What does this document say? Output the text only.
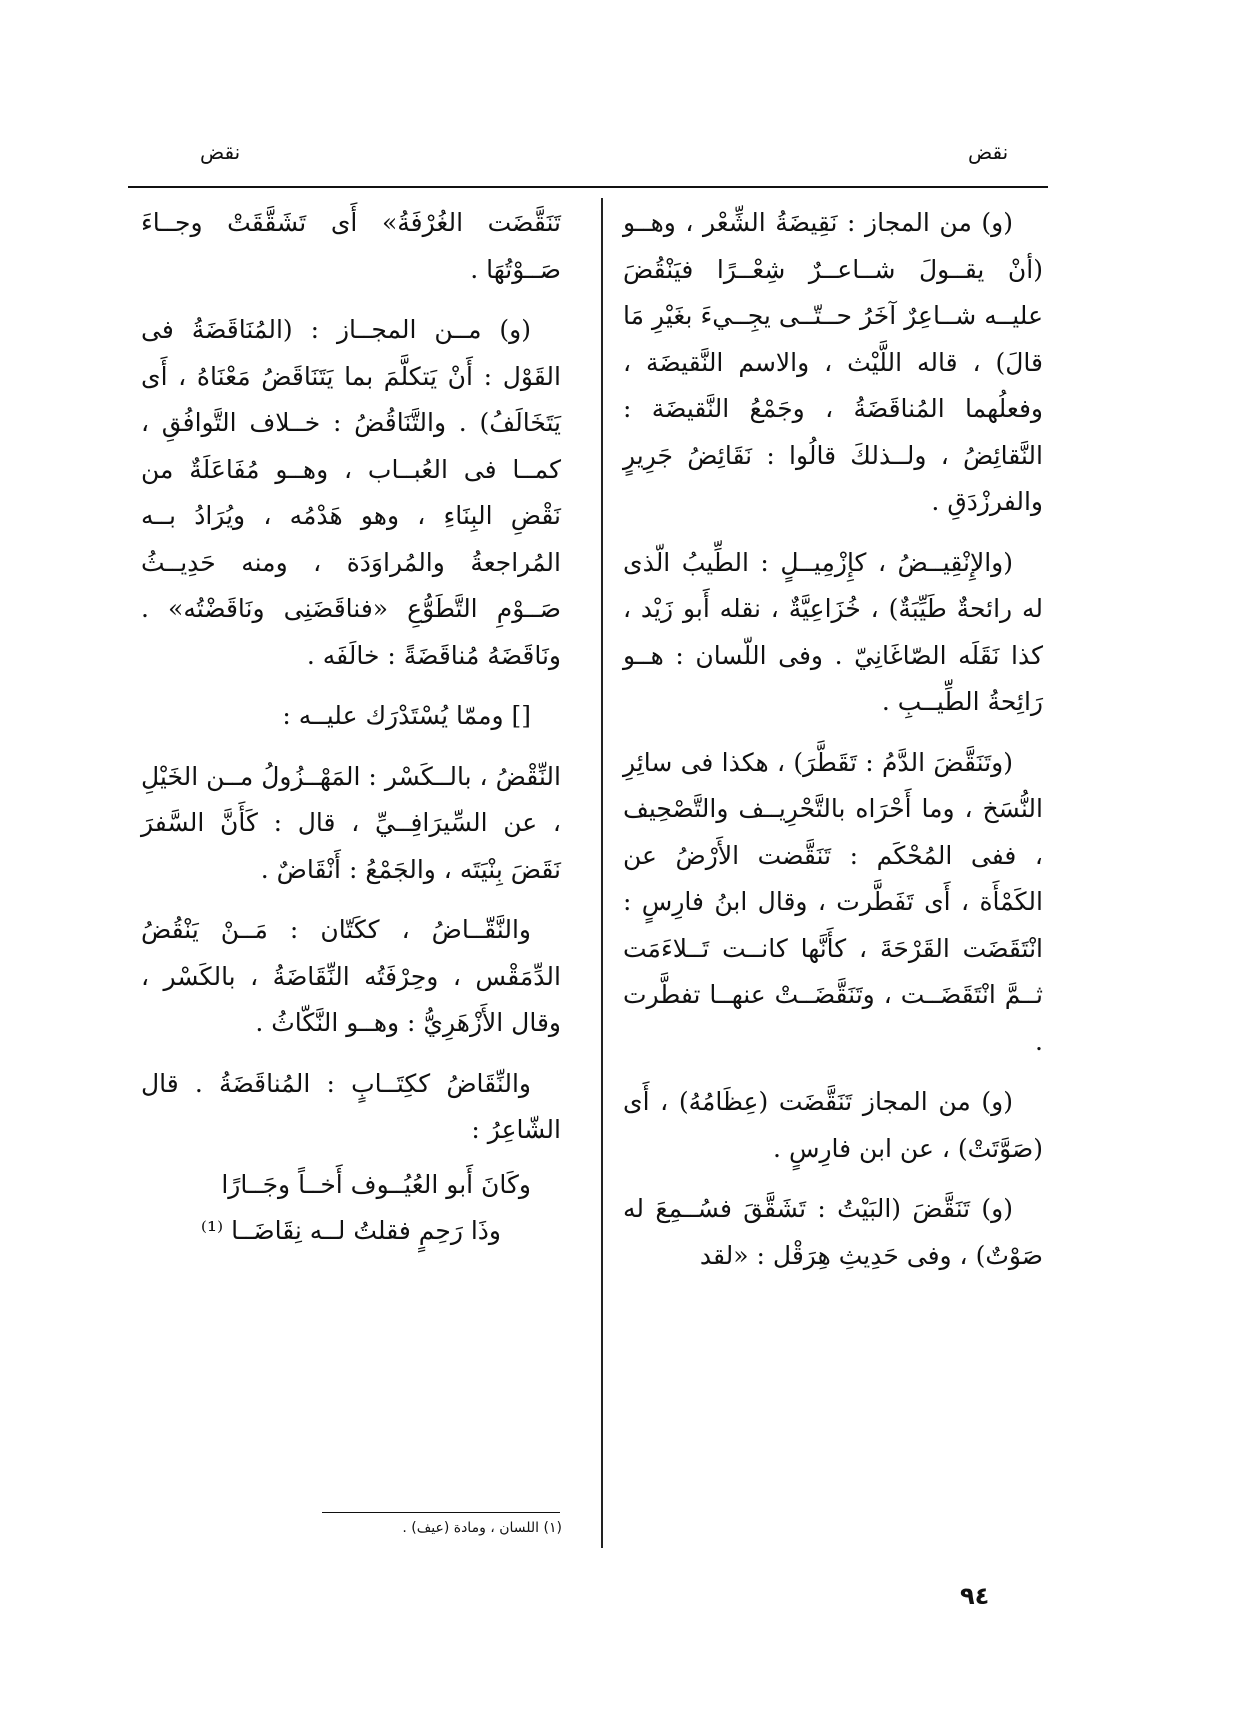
نقض
نقض

(و) من المجاز : نَقِيضَةُ الشِّعْر ، وهــو (أنْ يقــولَ شــاعــرٌ شِعْــرًا فيَنْقُضَ عليــه شــاعِرٌ آخَرُ حــتّــى يجِــيءَ بغَيْرِ مَا قالَ) ، قاله اللَّيْث ، والاسم النَّقيضَة ، وفعلُهما المُناقَضَةُ ، وجَمْعُ النَّقيضَة : النَّقائِضُ ، ولــذلكَ قالُوا : نَقَائِضُ جَرِيرٍ والفرزْدَقِ .

(والإِنْقِيــضُ ، كإِزْمِيــلٍ : الطِّيبُ الّذى له رائحةٌ طَيِّبَةٌ) ، خُزَاعِيَّةٌ ، نقله أَبو زَيْد ، كذا نَقَلَه الصّاغَانِيّ . وفى اللّسان : هــو رَائِحةُ الطِّيــبِ .

(وتَنَقَّضَ الدَّمُ : تَقَطَّرَ) ، هكذا فى سائِرِ النُّسَخ ، وما أَحْرَاه بالتَّحْرِيــف والتَّصْحِيف ، ففى المُحْكَم : تَنَقَّضت الأَرْضُ عن الكَمْأَة ، أَى تَفَطَّرت ، وقال ابنُ فارِسٍ : انْتَقَضَت القَرْحَةَ ، كأَنَّها كانــت تَــلاءَمَت ثــمَّ انْتَقَضَــت ، وتَنَقَّضَــتْ عنهــا تفطَّرت .

(و) من المجاز تَنَقَّضَت (عِظَامُهُ) ، أَى (صَوَّتَتْ) ، عن ابن فارِسٍ .

(و) تَنَقَّضَ (البَيْتُ : تَشَقَّقَ فسُــمِعَ له صَوْتٌ) ، وفى حَدِيثِ هِرَقْل : «لقد

تَنَقَّضَت الغُرْفَةُ» أَى تَشَقَّقَتْ وجــاءَ صَــوْتُهَا .

(و) مــن المجــاز : (المُنَاقَضَةُ فى القَوْل : أَنْ يَتكلَّمَ بما يَتَنَاقَضُ مَعْنَاهُ ، أَى يَتَخَالَفُ) . والتَّنَاقُضُ : خــلاف التَّوافُقِ ، كمــا فى العُبــاب ، وهــو مُفَاعَلَةٌ من نَقْضِ البِنَاءِ ، وهو هَدْمُه ، ويُرَادُ بــه المُراجعةُ والمُراوَدَة ، ومنه حَدِيــثُ صَــوْمِ التَّطَوُّعِ «فناقَضَنِى ونَاقَضْتُه» . ونَاقَضَهُ مُناقَضَةً : خالَفَه .

[] وممّا يُسْتَدْرَك عليــه :

النِّقْضُ ، بالــكَسْر : المَهْــزُولُ مــن الخَيْلِ ، عن السِّيرَافِــيِّ ، قال : كَأَنَّ السَّفرَ نَقَضَ بِنْيَتَه ، والجَمْعُ : أَنْقَاضٌ .

والنَّقّــاضُ ، ككَتّان : مَــنْ يَنْقُضُ الدِّمَقْس ، وحِرْفَتُه النِّقَاضَةُ ، بالكَسْر ، وقال الأَزْهَرِيُّ : وهــو النَّكّاثُ .

والنِّقَاضُ ككِتَــابٍ : المُناقَضَةُ . قال الشّاعِرُ :

وكَانَ أَبو العُيُــوف أَخــاً وجَــارًا

وذَا رَحِمٍ فقلتُ لــه نِقَاضَــا ⁽¹⁾

(١) اللسان ، ومادة (عيف) .
٩٤
